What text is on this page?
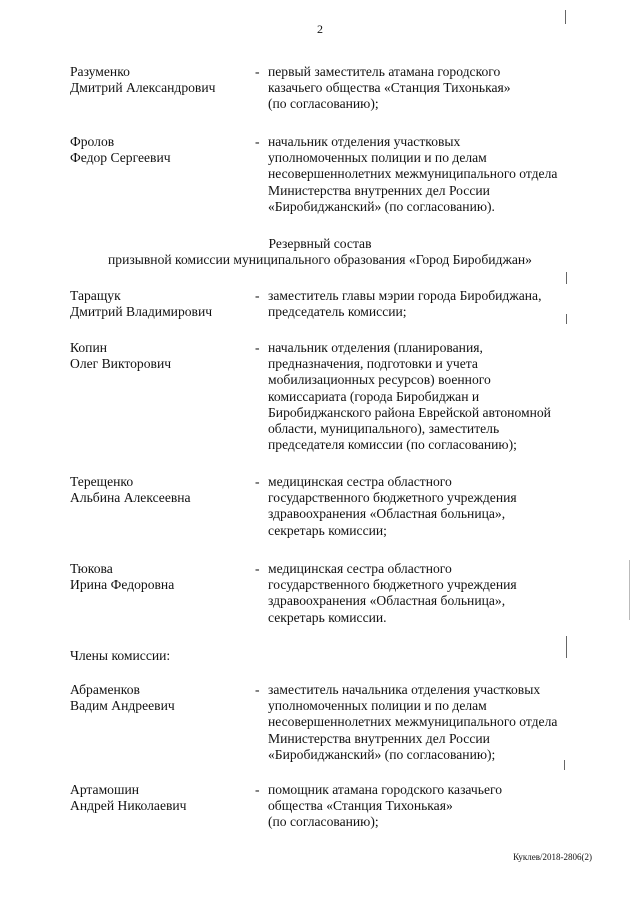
2
Разуменко
Дмитрий Александрович
- первый заместитель атамана городского
казачьего общества «Станция Тихонькая»
(по согласованию);
Фролов
Федор Сергеевич
- начальник отделения участковых
уполномоченных полиции и по делам
несовершеннолетних межмуниципального отдела
Министерства внутренних дел России
«Биробиджанский» (по согласованию).
Резервный состав
призывной комиссии муниципального образования «Город Биробиджан»
Таращук
Дмитрий Владимирович
- заместитель главы мэрии города Биробиджана,
председатель комиссии;
Копин
Олег Викторович
- начальник отделения (планирования,
предназначения, подготовки и учета
мобилизационных ресурсов) военного
комиссариата (города Биробиджан и
Биробиджанского района Еврейской автономной
области, муниципального), заместитель
председателя комиссии (по согласованию);
Терещенко
Альбина Алексеевна
- медицинская сестра областного
государственного бюджетного учреждения
здравоохранения «Областная больница»,
секретарь комиссии;
Тюкова
Ирина Федоровна
- медицинская сестра областного
государственного бюджетного учреждения
здравоохранения «Областная больница»,
секретарь комиссии.
Члены комиссии:
Абраменков
Вадим Андреевич
- заместитель начальника отделения участковых
уполномоченных полиции и по делам
несовершеннолетних межмуниципального отдела
Министерства внутренних дел России
«Биробиджанский» (по согласованию);
Артамошин
Андрей Николаевич
- помощник атамана городского казачьего
общества «Станция Тихонькая»
(по согласованию);
Куклев/2018-2806(2)
